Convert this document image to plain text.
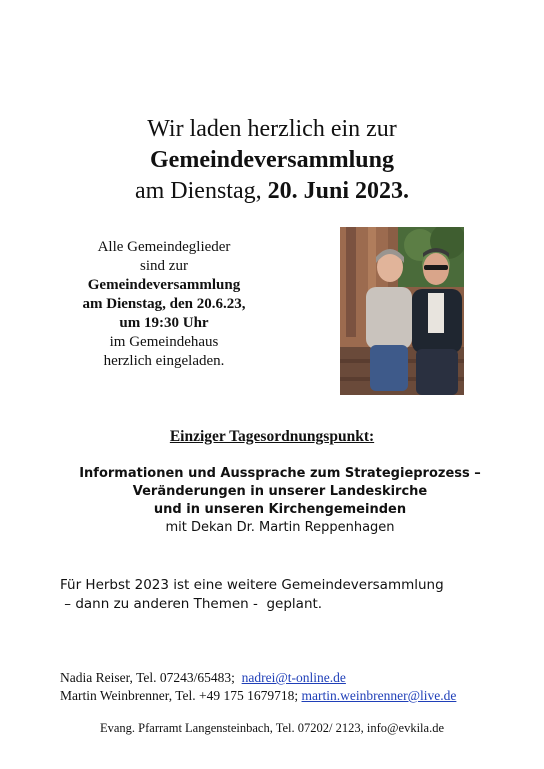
Wir laden herzlich ein zur
Gemeindeversammlung
am Dienstag, 20. Juni 2023.
Alle Gemeindeglieder
sind zur
Gemeindeversammlung
am Dienstag, den 20.6.23,
um 19:30 Uhr
im Gemeindehaus
herzlich eingeladen.
Einziger Tagesordnungspunkt:
Informationen und Aussprache zum Strategieprozess –
Veränderungen in unserer Landeskirche
und in unseren Kirchengemeinden
mit Dekan Dr. Martin Reppenhagen
Für Herbst 2023 ist eine weitere Gemeindeversammlung
– dann zu anderen Themen -  geplant.
Nadia Reiser, Tel. 07243/65483;  nadrei@t-online.de
Martin Weinbrenner, Tel. +49 175 1679718; martin.weinbrenner@live.de
Evang. Pfarramt Langensteinbach, Tel. 07202/ 2123, info@evkila.de
